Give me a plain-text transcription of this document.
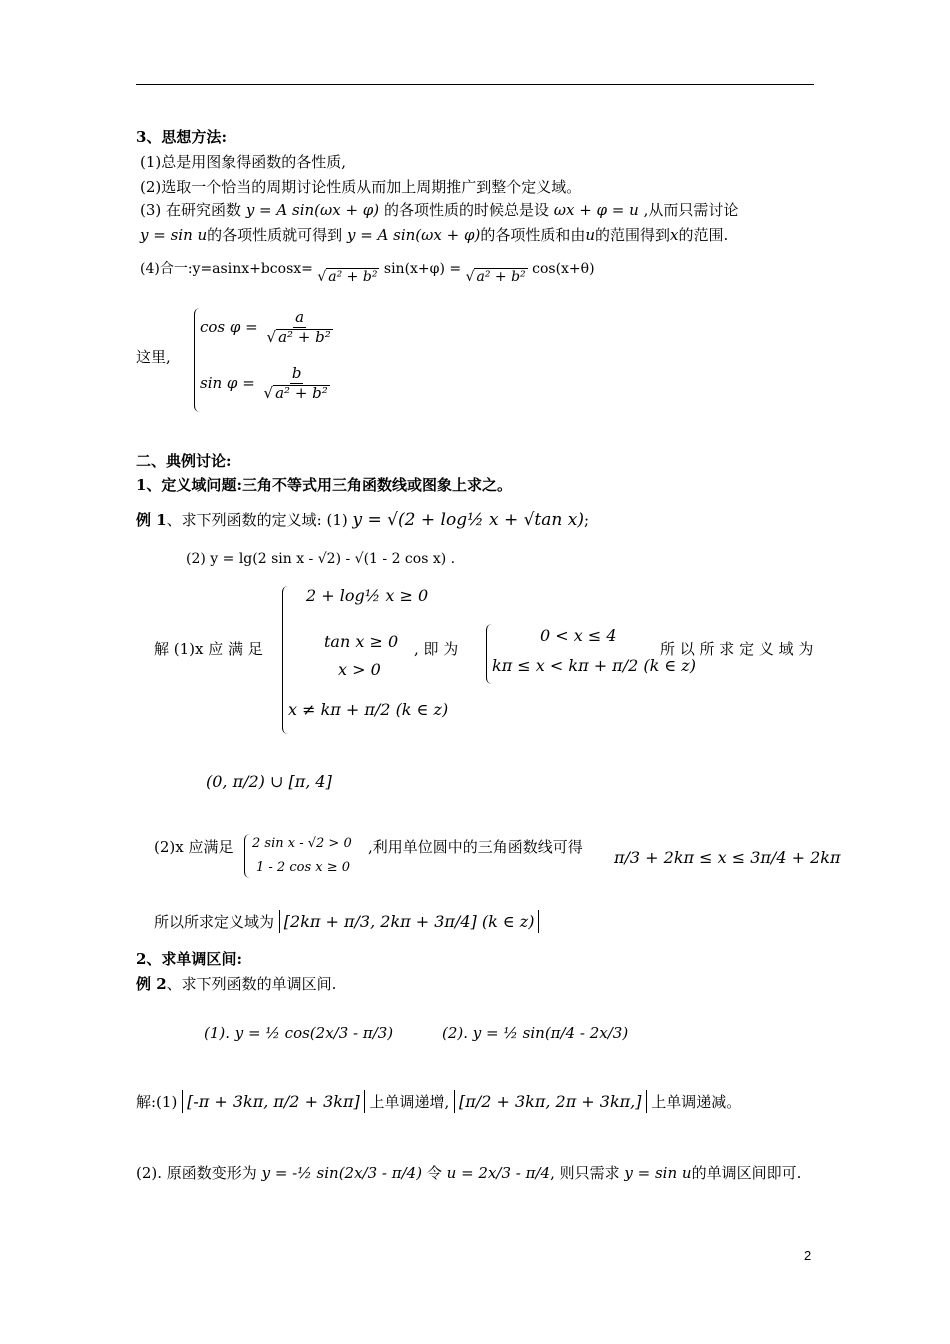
3、思想方法:
(1)总是用图象得函数的各性质,
(2)选取一个恰当的周期讨论性质从而加上周期推广到整个定义域。
(3) 在研究函数 y = A sin(ωx + φ) 的各项性质的时候总是设 ωx + φ = u ,从而只需讨论
y = sin u的各项性质就可得到 y = A sin(ωx + φ)的各项性质和由u的范围得到x的范围.
(4)合一:y=asinx+bcosx= √ a² + b² sin(x+φ) = √ a² + b² cos(x+θ)
这里,
$\cos \varphi = \frac{a}{\text{√ a² + b²}}$
$\sin \varphi = \frac{b}{\text{√ a² + b²}}$
二、典例讨论:
1、定义域问题:三角不等式用三角函数线或图象上求之。
例 1、求下列函数的定义域: (1) y = √(2 + log½ x + √tan x);
(2) y = lg(2 sin x - √2) - √(1 - 2 cos x) .
解 (1)x 应 满 足
2 + log½ x ≥ 0
tan x ≥ 0
x > 0
x ≠ kπ + π/2 (k ∈ z)
, 即 为
0 < x ≤ 4
kπ ≤ x < kπ + π/2 (k ∈ z)
所 以 所 求 定 义 域 为
(0, π/2) ∪ [π, 4]
(2)x 应满足 2 sin x - √2 > 0
1 - 2 cos x ≥ 0
,利用单位圆中的三角函数线可得
π/3 + 2kπ ≤ x ≤ 3π/4 + 2kπ
所以所求定义域为 [2kπ + π/3, 2kπ + 3π/4] (k ∈ z)
2、求单调区间:
例 2、求下列函数的单调区间.
(1). y = ½ cos(2x/3 - π/3)	(2). y = ½ sin(π/4 - 2x/3)
解:(1) [-π + 3kπ, π/2 + 3kπ] 上单调递增, [π/2 + 3kπ, 2π + 3kπ,] 上单调递减。
(2). 原函数变形为 y = -½ sin(2x/3 - π/4) 令 u = 2x/3 - π/4, 则只需求 y = sin u的单调区间即可.
2
